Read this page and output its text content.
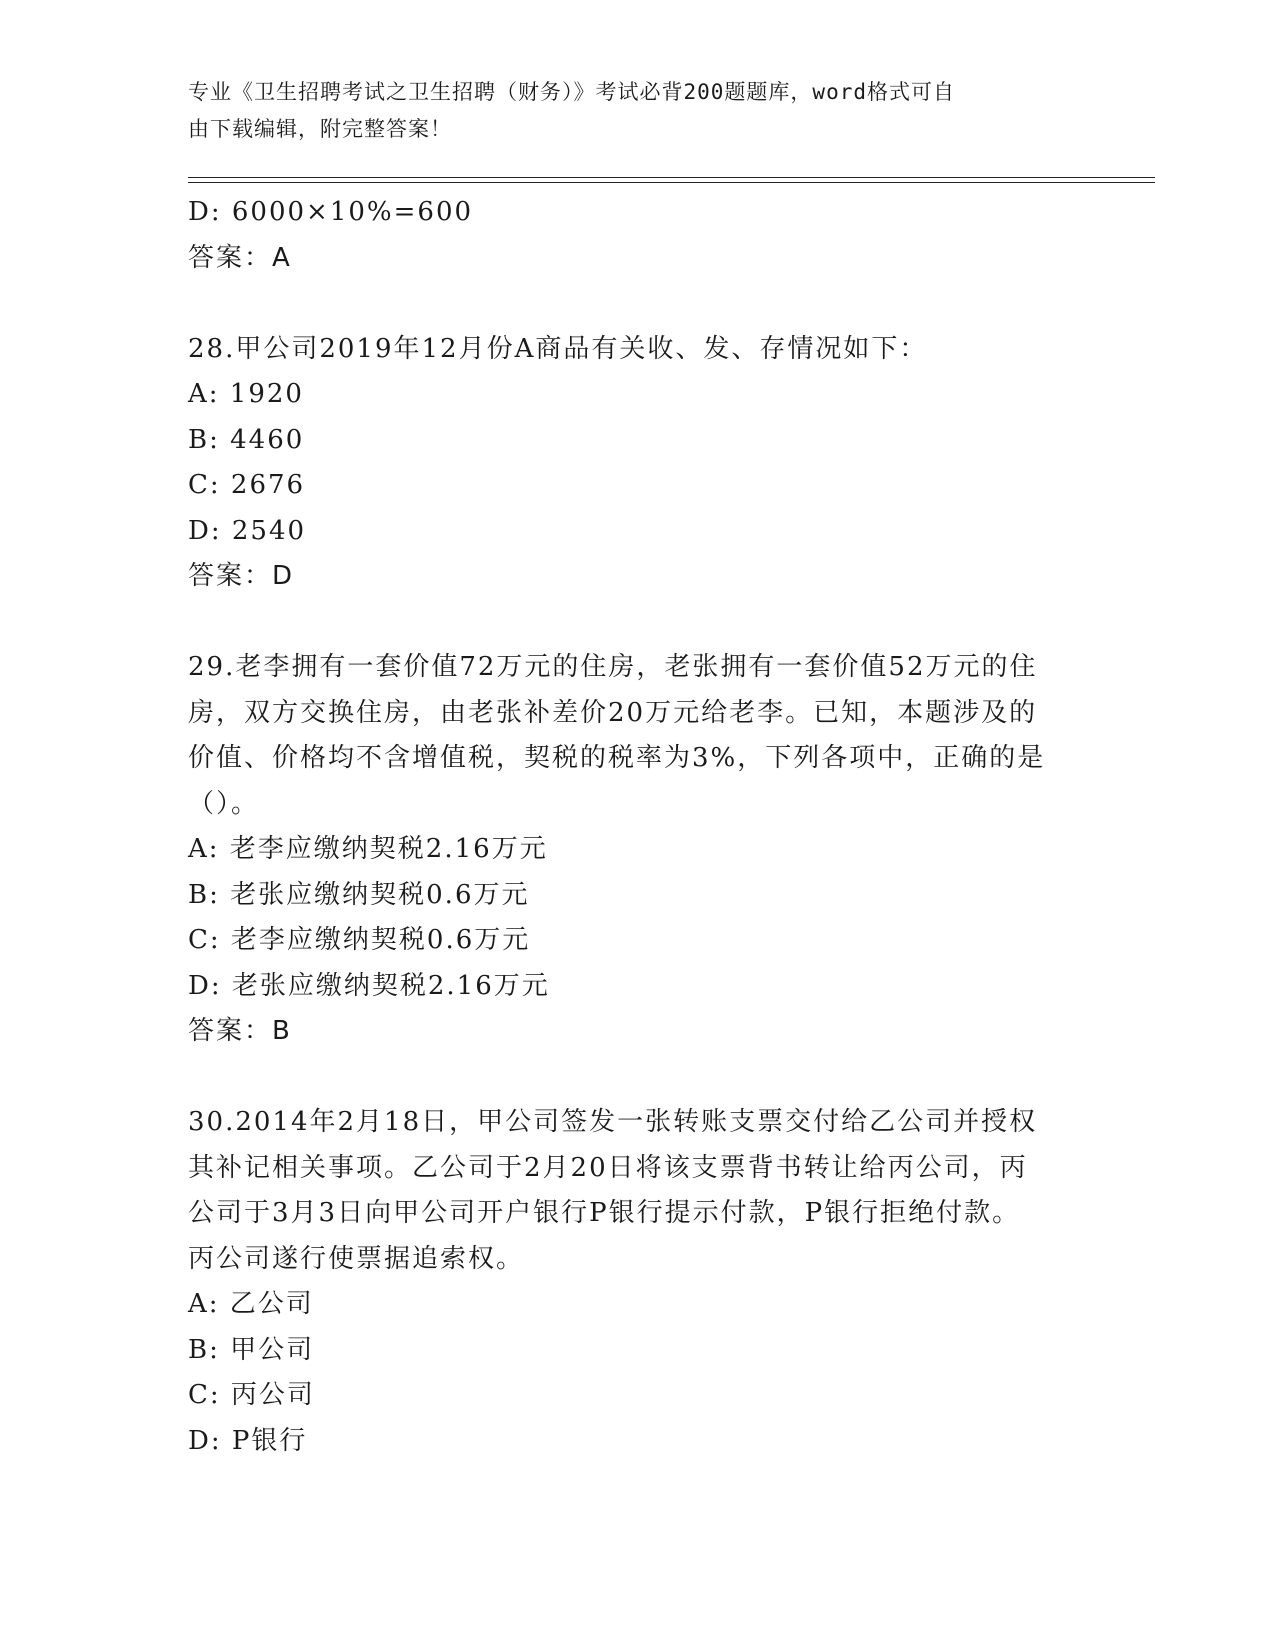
专业《卫生招聘考试之卫生招聘（财务）》考试必背200题题库，word格式可自
由下载编辑，附完整答案！
D: 6000×10%=600
答案：A
28.甲公司2019年12月份A商品有关收、发、存情况如下：
A: 1920
B: 4460
C: 2676
D: 2540
答案：D
29.老李拥有一套价值72万元的住房，老张拥有一套价值52万元的住
房，双方交换住房，由老张补差价20万元给老李。已知，本题涉及的
价值、价格均不含增值税，契税的税率为3%，下列各项中，正确的是
（）。
A: 老李应缴纳契税2.16万元
B: 老张应缴纳契税0.6万元
C: 老李应缴纳契税0.6万元
D: 老张应缴纳契税2.16万元
答案：B
30.2014年2月18日，甲公司签发一张转账支票交付给乙公司并授权
其补记相关事项。乙公司于2月20日将该支票背书转让给丙公司，丙
公司于3月3日向甲公司开户银行P银行提示付款，P银行拒绝付款。
丙公司遂行使票据追索权。
A: 乙公司
B: 甲公司
C: 丙公司
D: P银行
